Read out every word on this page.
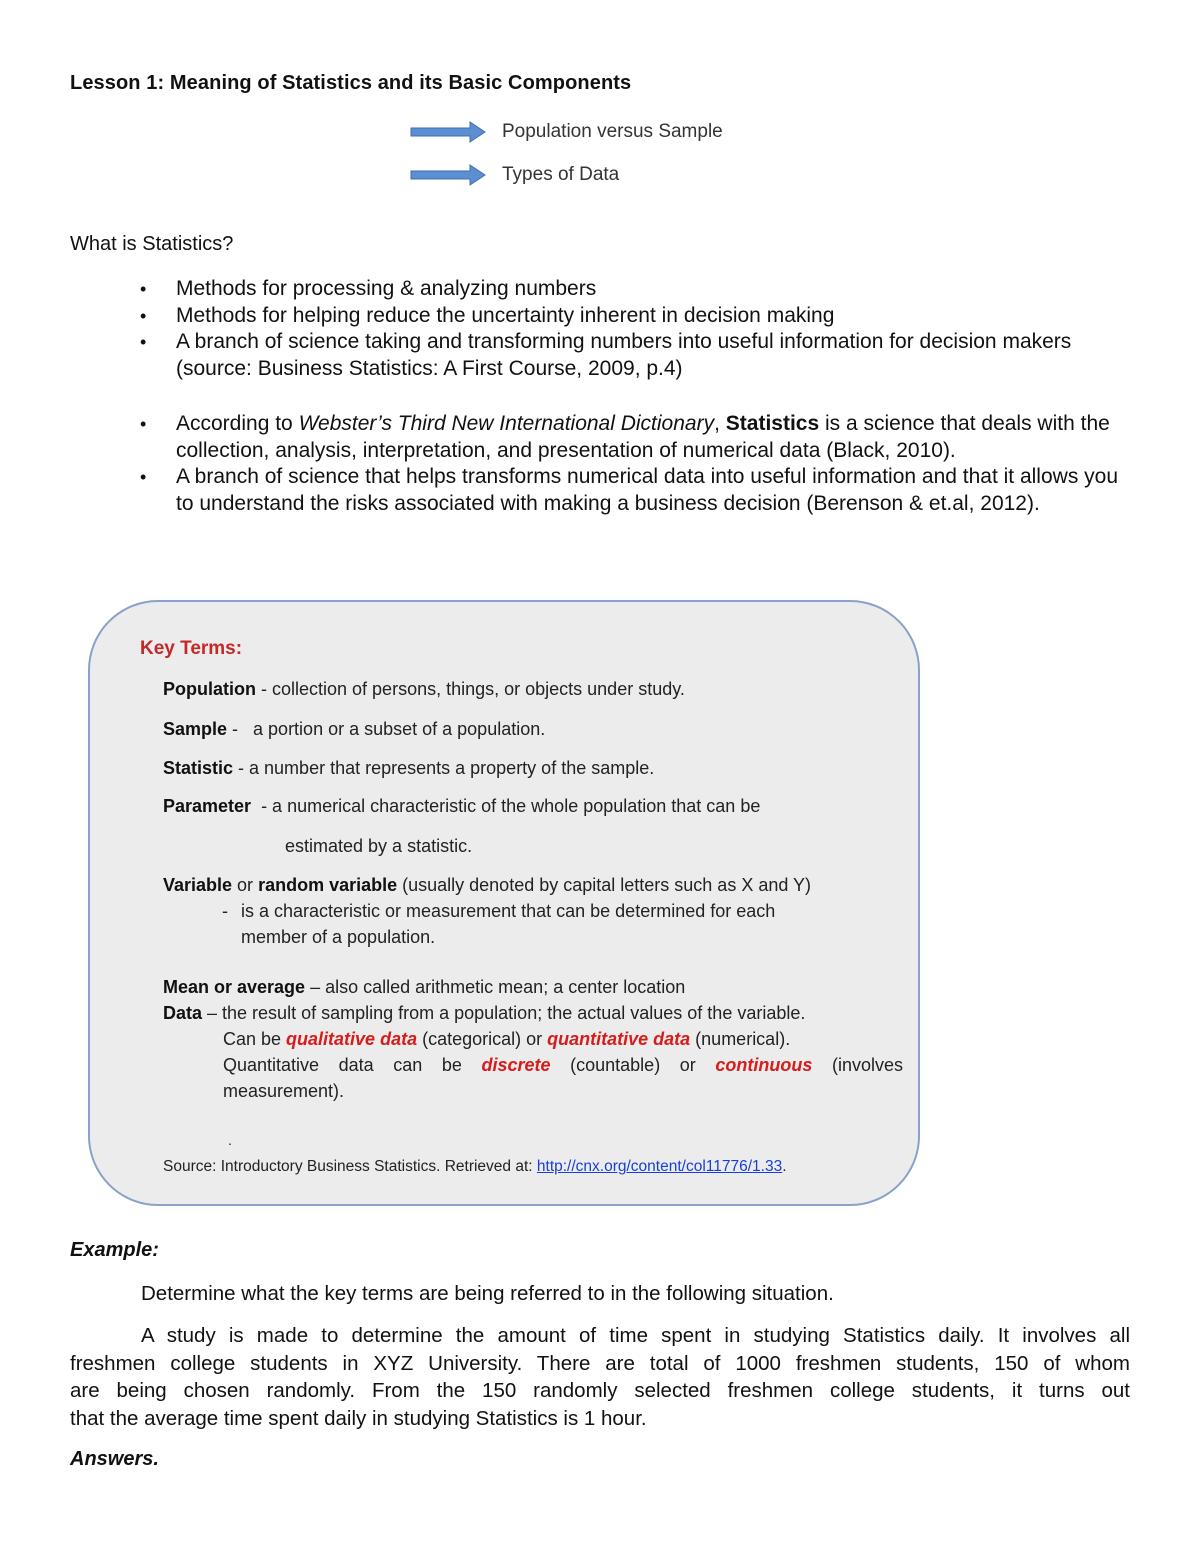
Lesson 1: Meaning of Statistics and its Basic Components
Population versus Sample
Types of Data
What is Statistics?
• Methods for processing & analyzing numbers
• Methods for helping reduce the uncertainty inherent in decision making
• A branch of science taking and transforming numbers into useful information for decision makers (source: Business Statistics: A First Course, 2009, p.4)
• According to Webster’s Third New International Dictionary, Statistics is a science that deals with the collection, analysis, interpretation, and presentation of numerical data (Black, 2010).
• A branch of science that helps transforms numerical data into useful information and that it allows you to understand the risks associated with making a business decision (Berenson & et.al, 2012).
Key Terms:
Population - collection of persons, things, or objects under study.
Sample -   a portion or a subset of a population.
Statistic - a number that represents a property of the sample.
Parameter  - a numerical characteristic of the whole population that can be
estimated by a statistic.
Variable or random variable (usually denoted by capital letters such as X and Y)
- is a characteristic or measurement that can be determined for each
member of a population.
Mean or average – also called arithmetic mean; a center location
Data – the result of sampling from a population; the actual values of the variable.
Can be qualitative data (categorical) or quantitative data (numerical).
Quantitative data can be discrete (countable) or continuous (involves
measurement).
.
Source: Introductory Business Statistics. Retrieved at: http://cnx.org/content/col11776/1.33.
Example:
Determine what the key terms are being referred to in the following situation.
A study is made to determine the amount of time spent in studying Statistics daily. It involves all
freshmen college students in XYZ University. There are total of 1000 freshmen students, 150 of whom
are being chosen randomly. From the 150 randomly selected freshmen college students, it turns out
that the average time spent daily in studying Statistics is 1 hour.
Answers.
